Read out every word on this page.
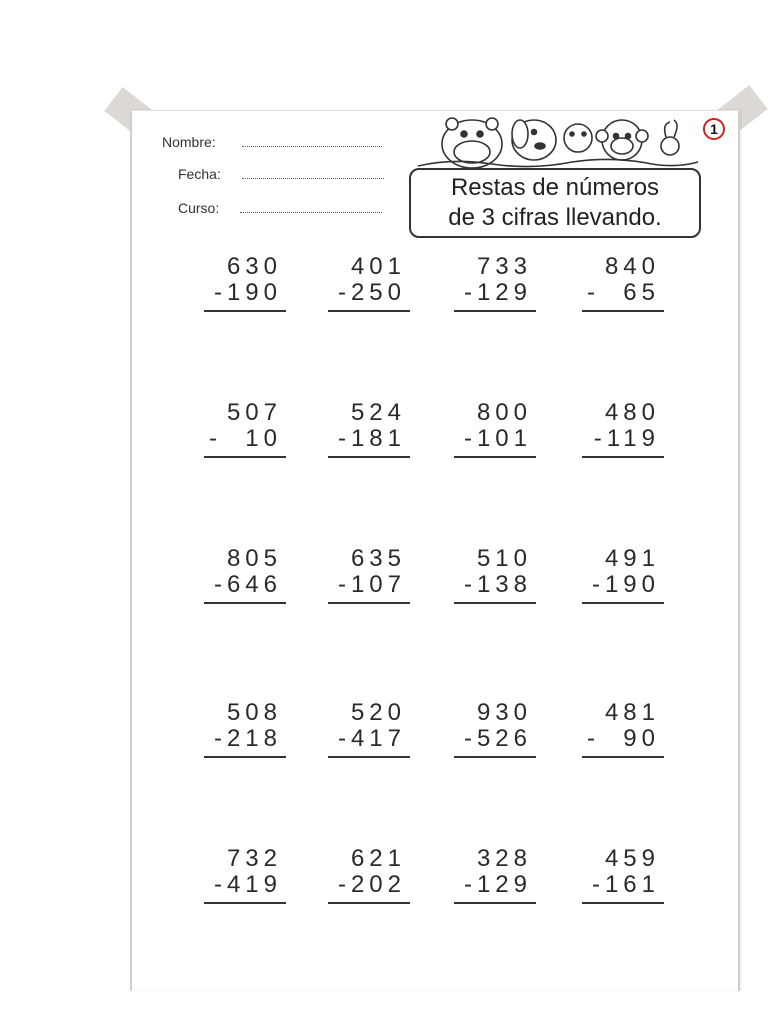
Nombre:
Fecha:
Curso:
1
Restas de números
de 3 cifras llevando.
630
-190
401
-250
733
-129
840
-  65
507
-  10
524
-181
800
-101
480
-119
805
-646
635
-107
510
-138
491
-190
508
-218
520
-417
930
-526
481
-  90
732
-419
621
-202
328
-129
459
-161
